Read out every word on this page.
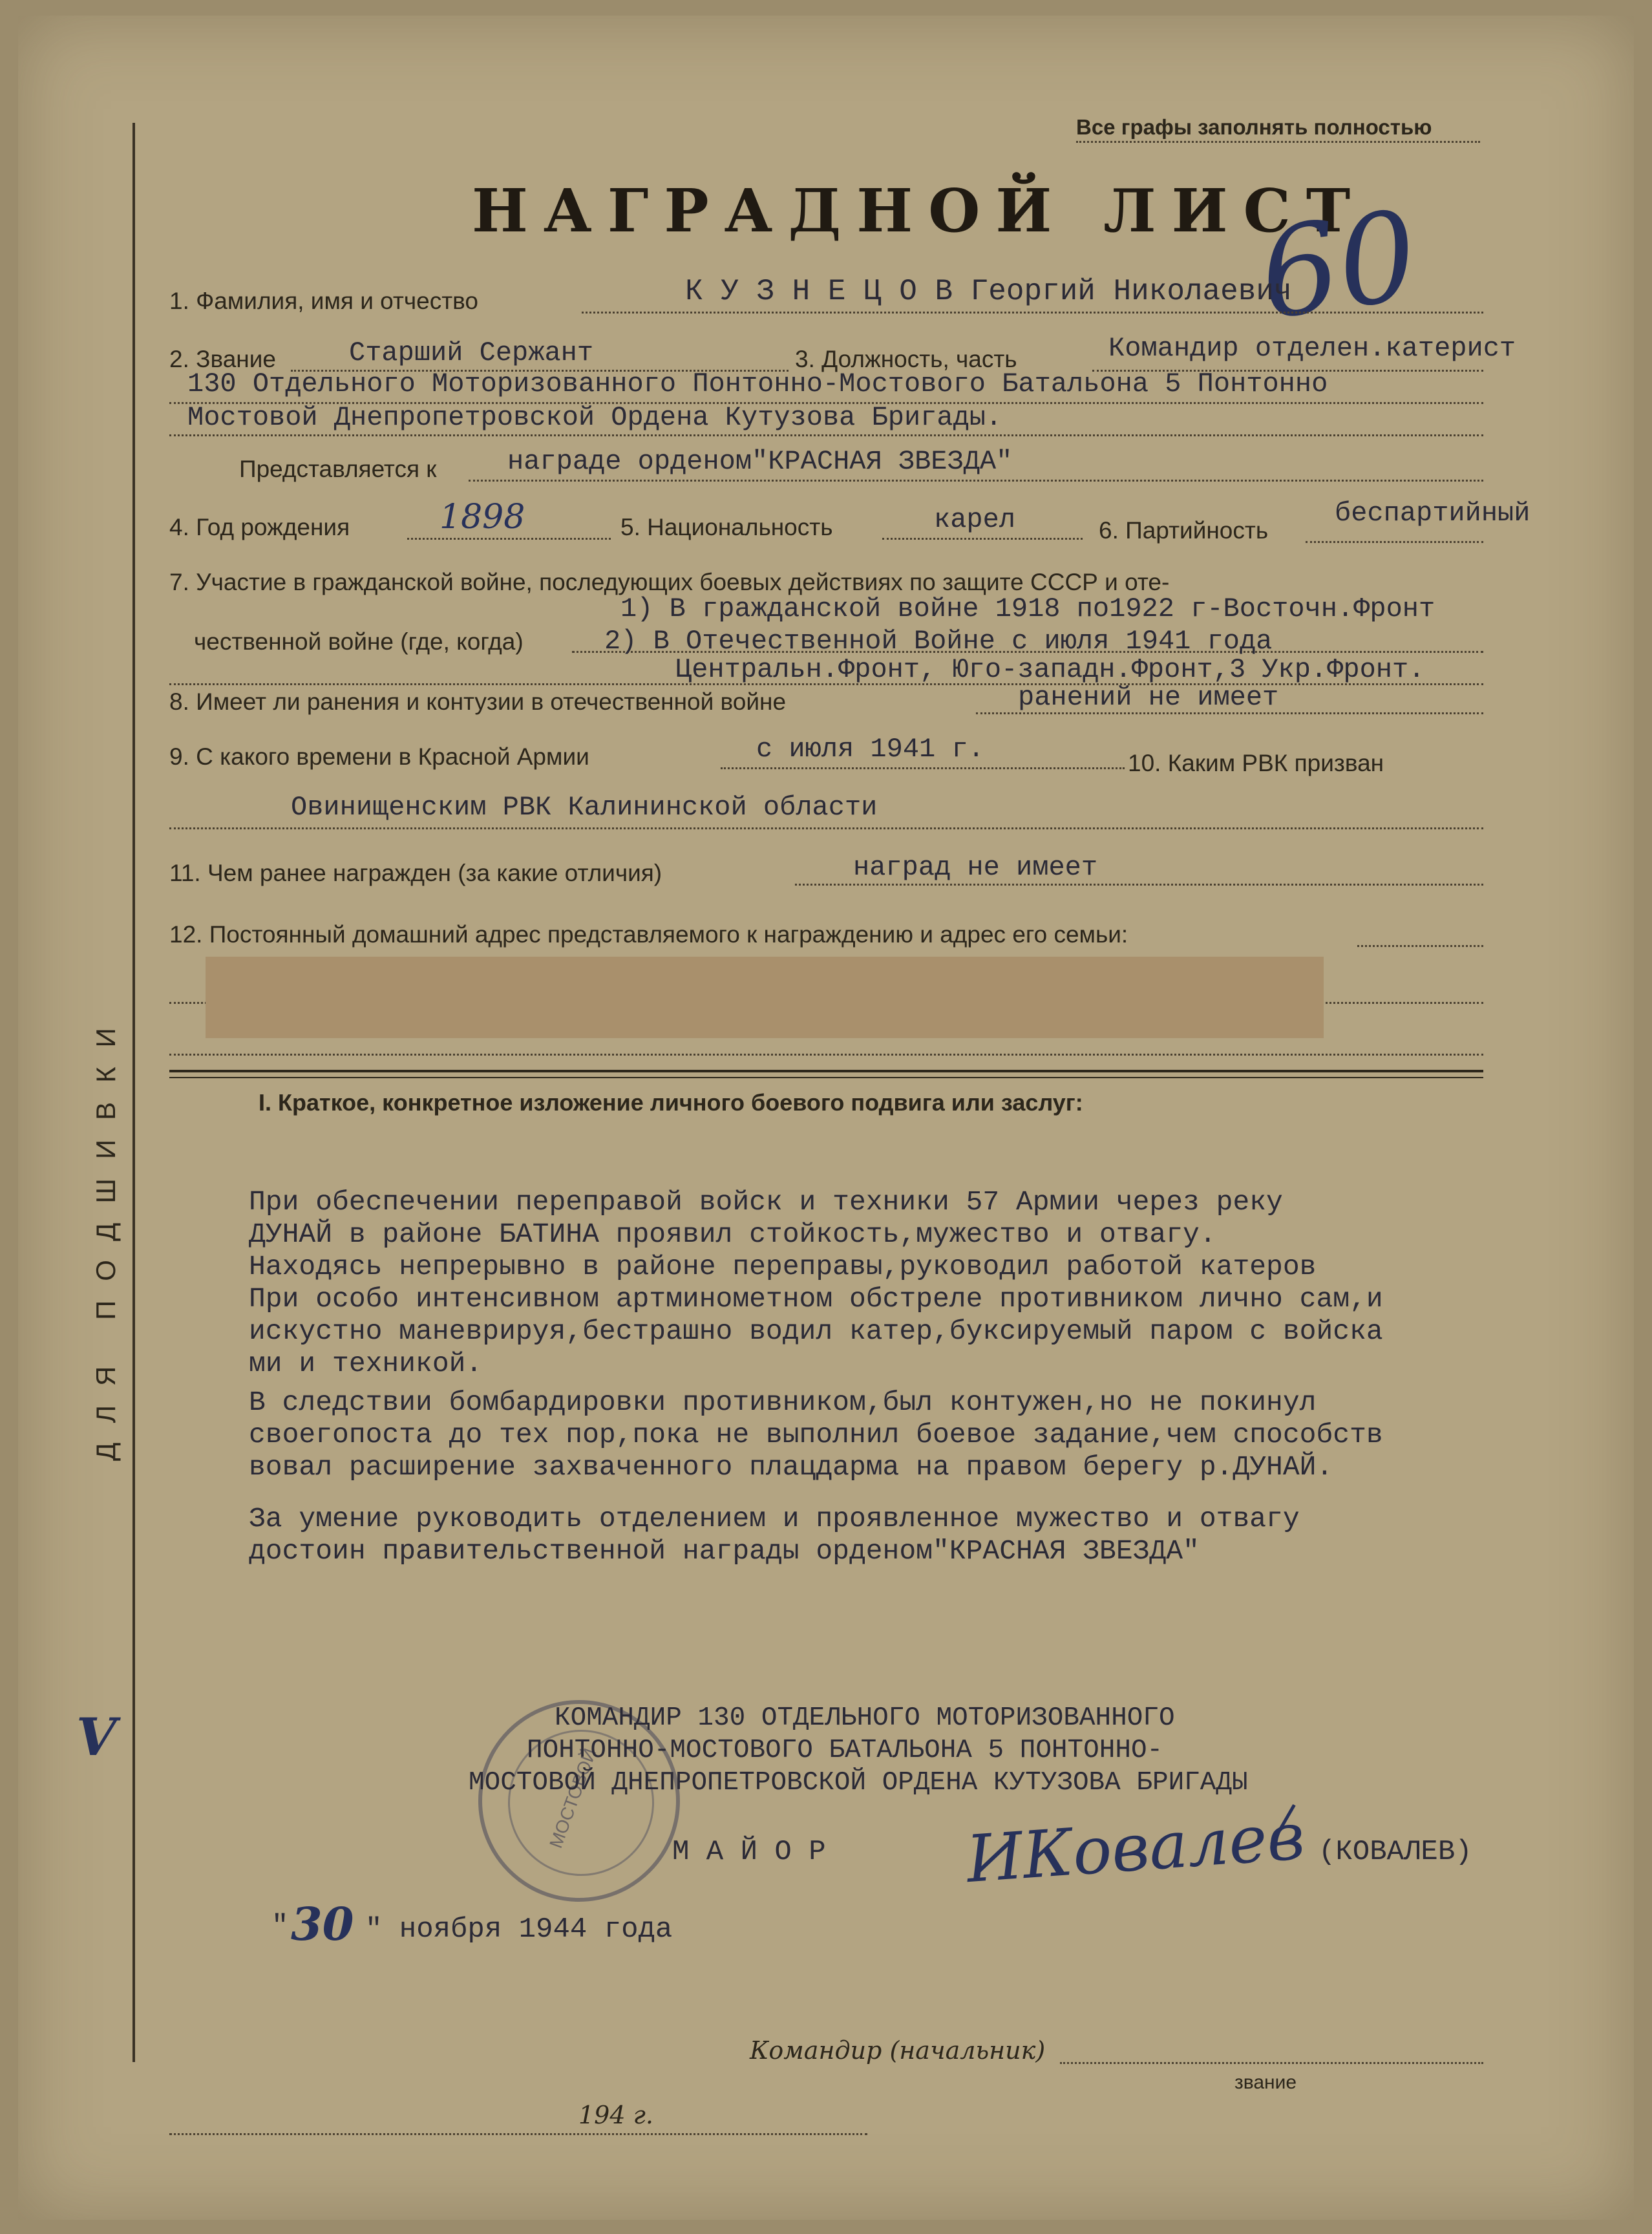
Все графы заполнять полностью
НАГРАДНОЙ ЛИСТ
60
ДЛЯ ПОДШИВКИ
V
1. Фамилия, имя и отчество	К У З Н Е Ц О В Георгий Николаевич
2. Звание	Старший Сержант	3. Должность, часть	Командир отделен.катерист
130 Отдельного Моторизованного Понтонно-Мостового Батальона 5 Понтонно
Мостовой Днепропетровской Ордена Кутузова Бригады.
Представляется к	награде орденом"КРАСНАЯ ЗВЕЗДА"
4. Год рождения	1898	5. Национальность	карел	6. Партийность
беспартийный
7. Участие в гражданской войне, последующих боевых действиях по защите СССР и оте-
чественной войне (где, когда)
1) В гражданской войне 1918 по1922 г-Восточн.Фронт
2) В Отечественной Войне с июля 1941 года
Центральн.Фронт, Юго-западн.Фронт,3 Укр.Фронт.
8. Имеет ли ранения и контузии в отечественной войне	ранений не имеет
9. С какого времени в Красной Армии	с июля 1941 г.	10. Каким РВК призван
Овинищенским РВК Калининской области
11. Чем ранее награжден (за какие отличия)	наград не имеет
12. Постоянный домашний адрес представляемого к награждению и адрес его семьи:
I. Краткое, конкретное изложение личного боевого подвига или заслуг:
При обеспечении переправой войск и техники 57 Армии через реку
ДУНАЙ в районе БАТИНА проявил стойкость,мужество и отвагу.
Находясь непрерывно в районе переправы,руководил работой катеров
При особо интенсивном артминометном обстреле противником лично сам,и
искустно маневрируя,бестрашно водил катер,буксируемый паром с войска
ми и техникой.
В следствии бомбардировки противником,был контужен,но не покинул
своегопоста до тех пор,пока не выполнил боевое задание,чем способств
вовал расширение захваченного плацдарма на правом берегу р.ДУНАЙ.
За умение руководить отделением и проявленное мужество и отвагу
достоин правительственной награды орденом"КРАСНАЯ ЗВЕЗДА"
МОСТОВОЙ
КОМАНДИР 130 ОТДЕЛЬНОГО МОТОРИЗОВАННОГО
ПОНТОННО-МОСТОВОГО БАТАЛЬОНА 5 ПОНТОННО-
МОСТОВОЙ ДНЕПРОПЕТРОВСКОЙ ОРДЕНА КУТУЗОВА БРИГАДЫ
М А Й О Р ИКовалев (КОВАЛЕВ)
" 30 " ноября 1944 года
Командир (начальник)
звание
194 г.
